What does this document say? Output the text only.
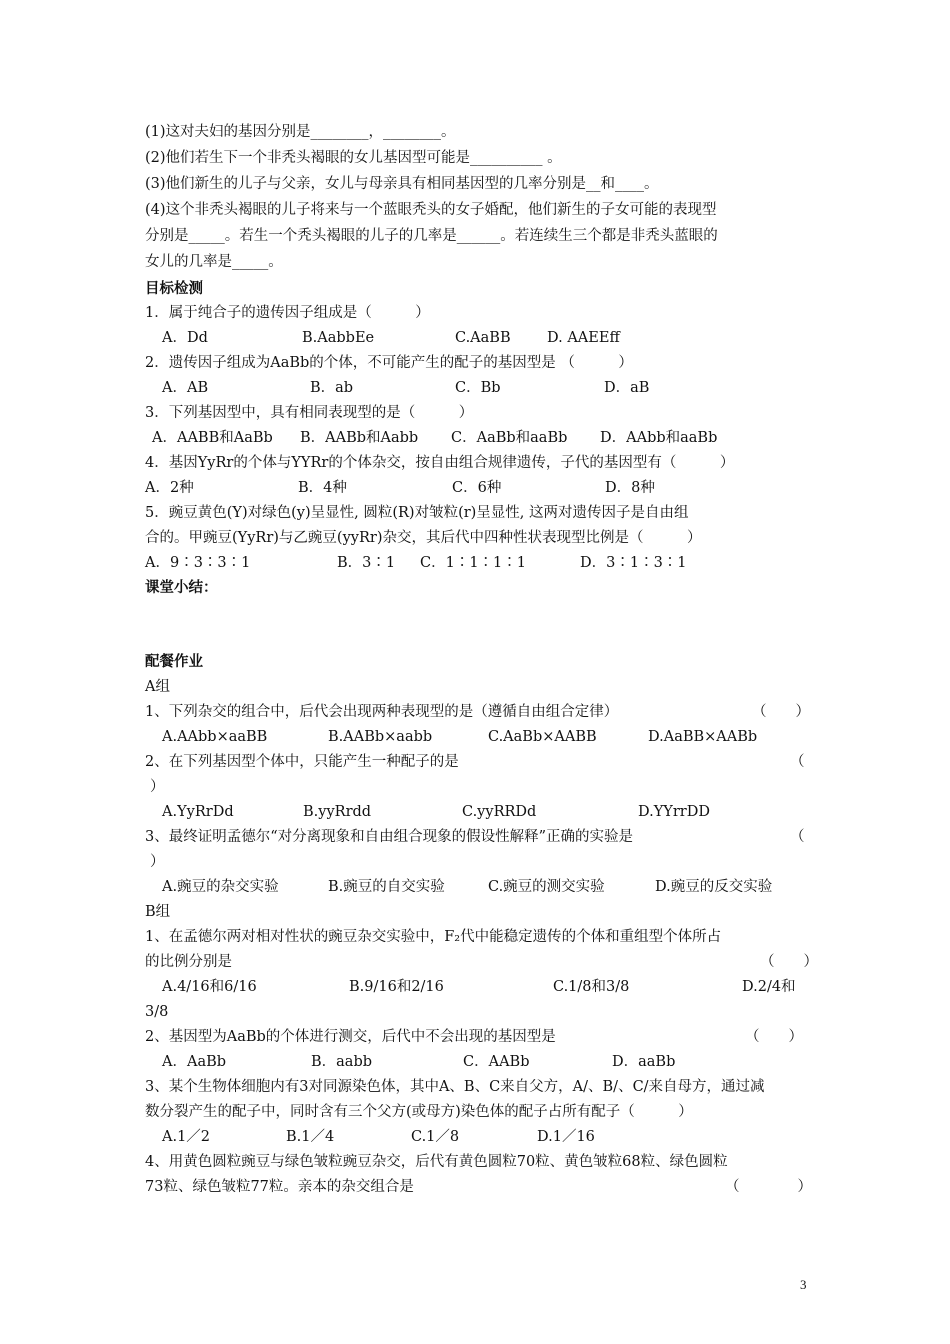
(1)这对夫妇的基因分别是________，________。
(2)他们若生下一个非秃头褐眼的女儿基因型可能是__________ 。
(3)他们新生的儿子与父亲，女儿与母亲具有相同基因型的几率分别是__和____。
(4)这个非秃头褐眼的儿子将来与一个蓝眼秃头的女子婚配，他们新生的子女可能的表现型
分别是_____。若生一个秃头褐眼的儿子的几率是______。若连续生三个都是非秃头蓝眼的
女儿的几率是_____。
目标检测
1．属于纯合子的遗传因子组成是（　　　）
A．Dd	B.AabbEe	C.AaBB	D. AAEEff
2．遗传因子组成为AaBb的个体，不可能产生的配子的基因型是 （　　　）
A．AB	B．ab	C．Bb	D．aB
3．下列基因型中，具有相同表现型的是（　　　）
A．AABB和AaBb B．AABb和Aabb C．AaBb和aaBb D．AAbb和aaBb
4．基因YyRr的个体与YYRr的个体杂交，按自由组合规律遗传，子代的基因型有（　　　）
A．2种	B．4种	C．6种	D．8种
5．豌豆黄色(Y)对绿色(y)呈显性, 圆粒(R)对皱粒(r)呈显性, 这两对遗传因子是自由组
合的。甲豌豆(YyRr)与乙豌豆(yyRr)杂交，其后代中四种性状表现型比例是（　　　）
A．9∶3∶3∶1	B．3∶1 C．1∶1∶1∶1	D．3∶1∶3∶1
课堂小结：
配餐作业
A组
1、下列杂交的组合中，后代会出现两种表现型的是（遵循自由组合定律）	（　　）
A.AAbb×aaBB	B.AABb×aabb	C.AaBb×AABB	D.AaBB×AABb
2、在下列基因型个体中，只能产生一种配子的是	（
）
A.YyRrDd	B.yyRrdd	C.yyRRDd	D.YYrrDD
3、最终证明孟德尔“对分离现象和自由组合现象的假设性解释”正确的实验是	（
）
A.豌豆的杂交实验	B.豌豆的自交实验	C.豌豆的测交实验	D.豌豆的反交实验
B组
1、在孟德尔两对相对性状的豌豆杂交实验中，F₂代中能稳定遗传的个体和重组型个体所占
的比例分别是	（　　）
A.4/16和6/16	B.9/16和2/16	C.1/8和3/8	D.2/4和
3/8
2、基因型为AaBb的个体进行测交，后代中不会出现的基因型是	（　　）
A．AaBb	B．aabb	C．AABb	D．aaBb
3、某个生物体细胞内有3对同源染色体，其中A、B、C来自父方，A/、B/、C/来自母方，通过减
数分裂产生的配子中，同时含有三个父方(或母方)染色体的配子占所有配子（　　　）
A.1／2	B.1／4	C.1／8	D.1／16
4、用黄色圆粒豌豆与绿色皱粒豌豆杂交，后代有黄色圆粒70粒、黄色皱粒68粒、绿色圆粒
73粒、绿色皱粒77粒。亲本的杂交组合是	（　　　　）
3
